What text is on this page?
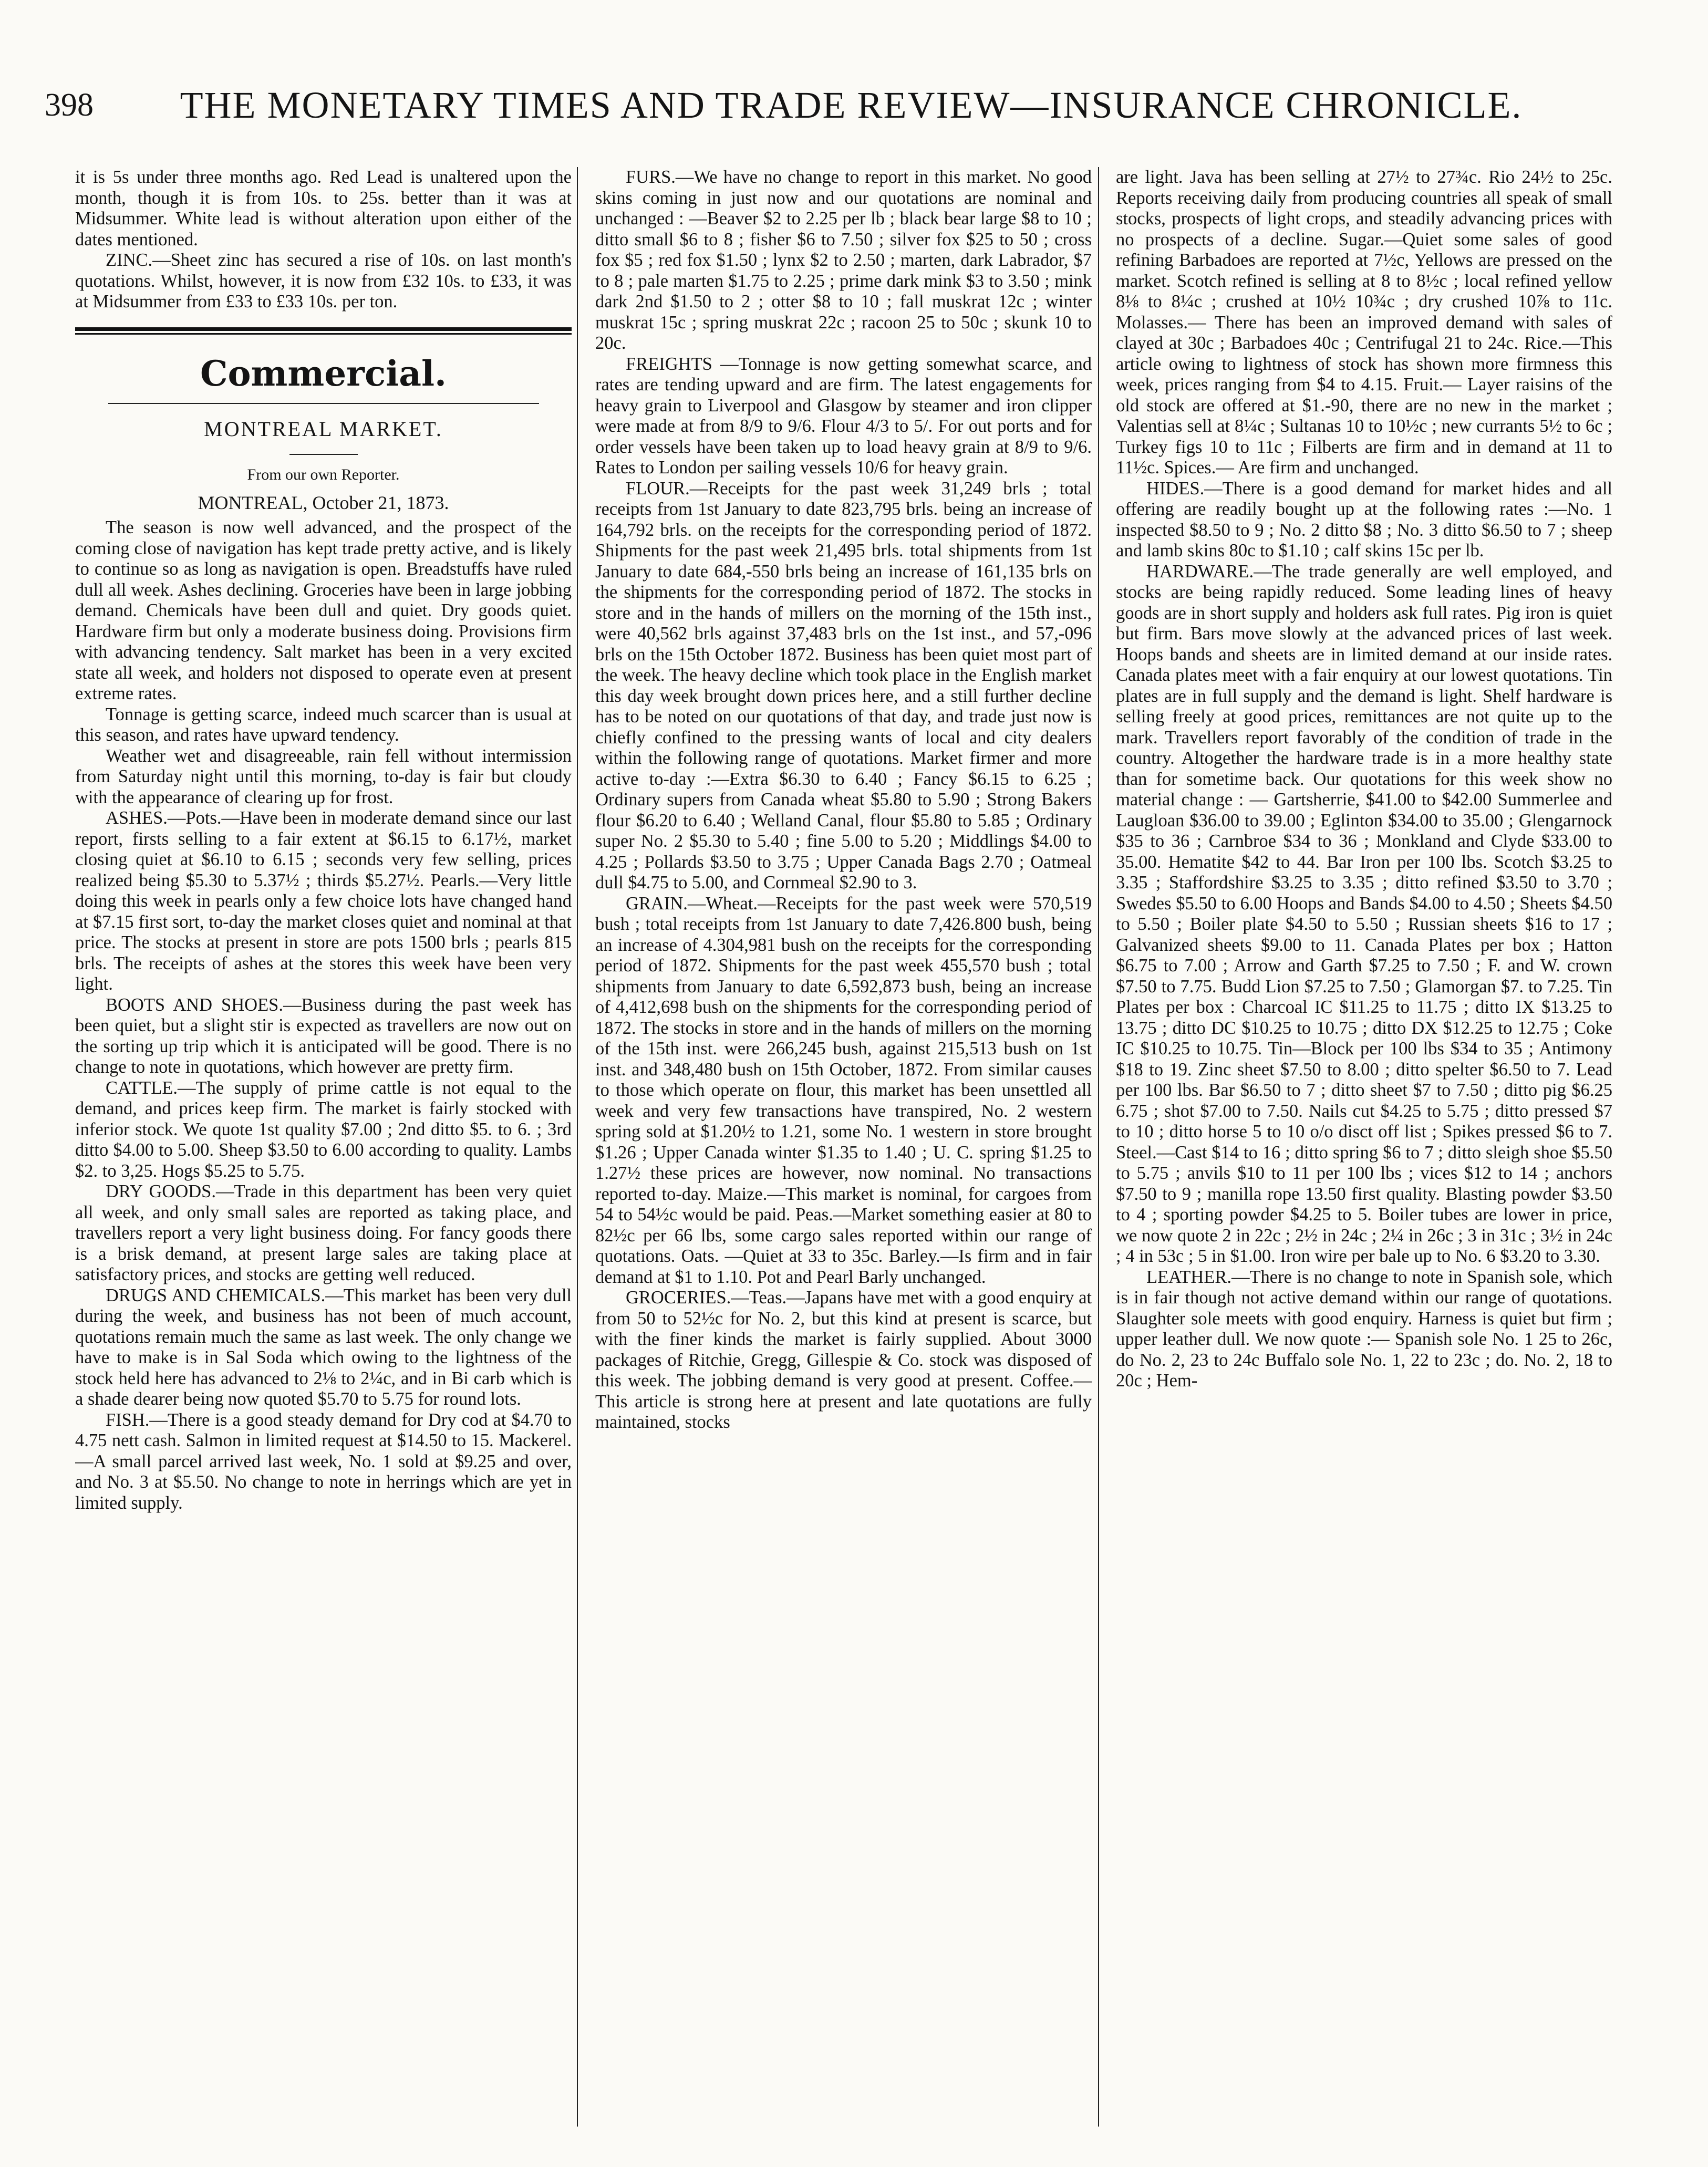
398	THE MONETARY TIMES AND TRADE REVIEW—INSURANCE CHRONICLE.

it is 5s under three months ago. Red Lead is unaltered upon the month, though it is from 10s. to 25s. better than it was at Midsummer. White lead is without alteration upon either of the dates mentioned.

ZINC.—Sheet zinc has secured a rise of 10s. on last month's quotations. Whilst, however, it is now from £32 10s. to £33, it was at Midsummer from £33 to £33 10s. per ton.

Commercial.
MONTREAL MARKET.
From our own Reporter.
MONTREAL, October 21, 1873.

The season is now well advanced, and the prospect of the coming close of navigation has kept trade pretty active, and is likely to continue so as long as navigation is open. Breadstuffs have ruled dull all week. Ashes declining. Groceries have been in large jobbing demand. Chemicals have been dull and quiet. Dry goods quiet. Hardware firm but only a moderate business doing. Provisions firm with advancing tendency. Salt market has been in a very excited state all week, and holders not disposed to operate even at present extreme rates.

Tonnage is getting scarce, indeed much scarcer than is usual at this season, and rates have upward tendency.

Weather wet and disagreeable, rain fell without intermission from Saturday night until this morning, to-day is fair but cloudy with the appearance of clearing up for frost.

ASHES.—Pots.—Have been in moderate demand since our last report, firsts selling to a fair extent at $6.15 to 6.17½, market closing quiet at $6.10 to 6.15 ; seconds very few selling, prices realized being $5.30 to 5.37½ ; thirds $5.27½. Pearls.—Very little doing this week in pearls only a few choice lots have changed hand at $7.15 first sort, to-day the market closes quiet and nominal at that price. The stocks at present in store are pots 1500 brls ; pearls 815 brls. The receipts of ashes at the stores this week have been very light.

BOOTS AND SHOES.—Business during the past week has been quiet, but a slight stir is expected as travellers are now out on the sorting up trip which it is anticipated will be good. There is no change to note in quotations, which however are pretty firm.

CATTLE.—The supply of prime cattle is not equal to the demand, and prices keep firm. The market is fairly stocked with inferior stock. We quote 1st quality $7.00 ; 2nd ditto $5. to 6. ; 3rd ditto $4.00 to 5.00. Sheep $3.50 to 6.00 according to quality. Lambs $2. to 3,25. Hogs $5.25 to 5.75.

DRY GOODS.—Trade in this department has been very quiet all week, and only small sales are reported as taking place, and travellers report a very light business doing. For fancy goods there is a brisk demand, at present large sales are taking place at satisfactory prices, and stocks are getting well reduced.

DRUGS AND CHEMICALS.—This market has been very dull during the week, and business has not been of much account, quotations remain much the same as last week. The only change we have to make is in Sal Soda which owing to the lightness of the stock held here has advanced to 2⅛ to 2¼c, and in Bi carb which is a shade dearer being now quoted $5.70 to 5.75 for round lots.

FISH.—There is a good steady demand for Dry cod at $4.70 to 4.75 nett cash. Salmon in limited request at $14.50 to 15. Mackerel.—A small parcel arrived last week, No. 1 sold at $9.25 and over, and No. 3 at $5.50. No change to note in herrings which are yet in limited supply.

FURS.—We have no change to report in this market. No good skins coming in just now and our quotations are nominal and unchanged : —Beaver $2 to 2.25 per lb ; black bear large $8 to 10 ; ditto small $6 to 8 ; fisher $6 to 7.50 ; silver fox $25 to 50 ; cross fox $5 ; red fox $1.50 ; lynx $2 to 2.50 ; marten, dark Labrador, $7 to 8 ; pale marten $1.75 to 2.25 ; prime dark mink $3 to 3.50 ; mink dark 2nd $1.50 to 2 ; otter $8 to 10 ; fall muskrat 12c ; winter muskrat 15c ; spring muskrat 22c ; racoon 25 to 50c ; skunk 10 to 20c.

FREIGHTS —Tonnage is now getting somewhat scarce, and rates are tending upward and are firm. The latest engagements for heavy grain to Liverpool and Glasgow by steamer and iron clipper were made at from 8/9 to 9/6. Flour 4/3 to 5/. For out ports and for order vessels have been taken up to load heavy grain at 8/9 to 9/6. Rates to London per sailing vessels 10/6 for heavy grain.

FLOUR.—Receipts for the past week 31,249 brls ; total receipts from 1st January to date 823,795 brls. being an increase of 164,792 brls. on the receipts for the corresponding period of 1872. Shipments for the past week 21,495 brls. total shipments from 1st January to date 684,-550 brls being an increase of 161,135 brls on the shipments for the corresponding period of 1872. The stocks in store and in the hands of millers on the morning of the 15th inst., were 40,562 brls against 37,483 brls on the 1st inst., and 57,-096 brls on the 15th October 1872. Business has been quiet most part of the week. The heavy decline which took place in the English market this day week brought down prices here, and a still further decline has to be noted on our quotations of that day, and trade just now is chiefly confined to the pressing wants of local and city dealers within the following range of quotations. Market firmer and more active to-day :—Extra $6.30 to 6.40 ; Fancy $6.15 to 6.25 ; Ordinary supers from Canada wheat $5.80 to 5.90 ; Strong Bakers flour $6.20 to 6.40 ; Welland Canal, flour $5.80 to 5.85 ; Ordinary super No. 2 $5.30 to 5.40 ; fine 5.00 to 5.20 ; Middlings $4.00 to 4.25 ; Pollards $3.50 to 3.75 ; Upper Canada Bags 2.70 ; Oatmeal dull $4.75 to 5.00, and Cornmeal $2.90 to 3.

GRAIN.—Wheat.—Receipts for the past week were 570,519 bush ; total receipts from 1st January to date 7,426.800 bush, being an increase of 4.304,981 bush on the receipts for the corresponding period of 1872. Shipments for the past week 455,570 bush ; total shipments from January to date 6,592,873 bush, being an increase of 4,412,698 bush on the shipments for the corresponding period of 1872. The stocks in store and in the hands of millers on the morning of the 15th inst. were 266,245 bush, against 215,513 bush on 1st inst. and 348,480 bush on 15th October, 1872. From similar causes to those which operate on flour, this market has been unsettled all week and very few transactions have transpired, No. 2 western spring sold at $1.20½ to 1.21, some No. 1 western in store brought $1.26 ; Upper Canada winter $1.35 to 1.40 ; U. C. spring $1.25 to 1.27½ these prices are however, now nominal. No transactions reported to-day. Maize.—This market is nominal, for cargoes from 54 to 54½c would be paid. Peas.—Market something easier at 80 to 82½c per 66 lbs, some cargo sales reported within our range of quotations. Oats. —Quiet at 33 to 35c. Barley.—Is firm and in fair demand at $1 to 1.10. Pot and Pearl Barly unchanged.

GROCERIES.—Teas.—Japans have met with a good enquiry at from 50 to 52½c for No. 2, but this kind at present is scarce, but with the finer kinds the market is fairly supplied. About 3000 packages of Ritchie, Gregg, Gillespie & Co. stock was disposed of this week. The jobbing demand is very good at present. Coffee.—This article is strong here at present and late quotations are fully maintained, stocks

are light. Java has been selling at 27½ to 27¾c. Rio 24½ to 25c. Reports receiving daily from producing countries all speak of small stocks, prospects of light crops, and steadily advancing prices with no prospects of a decline. Sugar.—Quiet some sales of good refining Barbadoes are reported at 7½c, Yellows are pressed on the market. Scotch refined is selling at 8 to 8½c ; local refined yellow 8⅛ to 8¼c ; crushed at 10½ 10¾c ; dry crushed 10⅞ to 11c. Molasses.— There has been an improved demand with sales of clayed at 30c ; Barbadoes 40c ; Centrifugal 21 to 24c. Rice.—This article owing to lightness of stock has shown more firmness this week, prices ranging from $4 to 4.15. Fruit.— Layer raisins of the old stock are offered at $1.-90, there are no new in the market ; Valentias sell at 8¼c ; Sultanas 10 to 10½c ; new currants 5½ to 6c ; Turkey figs 10 to 11c ; Filberts are firm and in demand at 11 to 11½c. Spices.— Are firm and unchanged.

HIDES.—There is a good demand for market hides and all offering are readily bought up at the following rates :—No. 1 inspected $8.50 to 9 ; No. 2 ditto $8 ; No. 3 ditto $6.50 to 7 ; sheep and lamb skins 80c to $1.10 ; calf skins 15c per lb.

HARDWARE.—The trade generally are well employed, and stocks are being rapidly reduced. Some leading lines of heavy goods are in short supply and holders ask full rates. Pig iron is quiet but firm. Bars move slowly at the advanced prices of last week. Hoops bands and sheets are in limited demand at our inside rates. Canada plates meet with a fair enquiry at our lowest quotations. Tin plates are in full supply and the demand is light. Shelf hardware is selling freely at good prices, remittances are not quite up to the mark. Travellers report favorably of the condition of trade in the country. Altogether the hardware trade is in a more healthy state than for sometime back. Our quotations for this week show no material change : — Gartsherrie, $41.00 to $42.00 Summerlee and Laugloan $36.00 to 39.00 ; Eglinton $34.00 to 35.00 ; Glengarnock $35 to 36 ; Carnbroe $34 to 36 ; Monkland and Clyde $33.00 to 35.00. Hematite $42 to 44. Bar Iron per 100 lbs. Scotch $3.25 to 3.35 ; Staffordshire $3.25 to 3.35 ; ditto refined $3.50 to 3.70 ; Swedes $5.50 to 6.00 Hoops and Bands $4.00 to 4.50 ; Sheets $4.50 to 5.50 ; Boiler plate $4.50 to 5.50 ; Russian sheets $16 to 17 ; Galvanized sheets $9.00 to 11. Canada Plates per box ; Hatton $6.75 to 7.00 ; Arrow and Garth $7.25 to 7.50 ; F. and W. crown $7.50 to 7.75. Budd Lion $7.25 to 7.50 ; Glamorgan $7. to 7.25. Tin Plates per box : Charcoal IC $11.25 to 11.75 ; ditto IX $13.25 to 13.75 ; ditto DC $10.25 to 10.75 ; ditto DX $12.25 to 12.75 ; Coke IC $10.25 to 10.75. Tin—Block per 100 lbs $34 to 35 ; Antimony $18 to 19. Zinc sheet $7.50 to 8.00 ; ditto spelter $6.50 to 7. Lead per 100 lbs. Bar $6.50 to 7 ; ditto sheet $7 to 7.50 ; ditto pig $6.25 6.75 ; shot $7.00 to 7.50. Nails cut $4.25 to 5.75 ; ditto pressed $7 to 10 ; ditto horse 5 to 10 o/o disct off list ; Spikes pressed $6 to 7. Steel.—Cast $14 to 16 ; ditto spring $6 to 7 ; ditto sleigh shoe $5.50 to 5.75 ; anvils $10 to 11 per 100 lbs ; vices $12 to 14 ; anchors $7.50 to 9 ; manilla rope 13.50 first quality. Blasting powder $3.50 to 4 ; sporting powder $4.25 to 5. Boiler tubes are lower in price, we now quote 2 in 22c ; 2½ in 24c ; 2¼ in 26c ; 3 in 31c ; 3½ in 24c ; 4 in 53c ; 5 in $1.00. Iron wire per bale up to No. 6 $3.20 to 3.30.

LEATHER.—There is no change to note in Spanish sole, which is in fair though not active demand within our range of quotations. Slaughter sole meets with good enquiry. Harness is quiet but firm ; upper leather dull. We now quote :— Spanish sole No. 1 25 to 26c, do No. 2, 23 to 24c Buffalo sole No. 1, 22 to 23c ; do. No. 2, 18 to 20c ; Hem-
